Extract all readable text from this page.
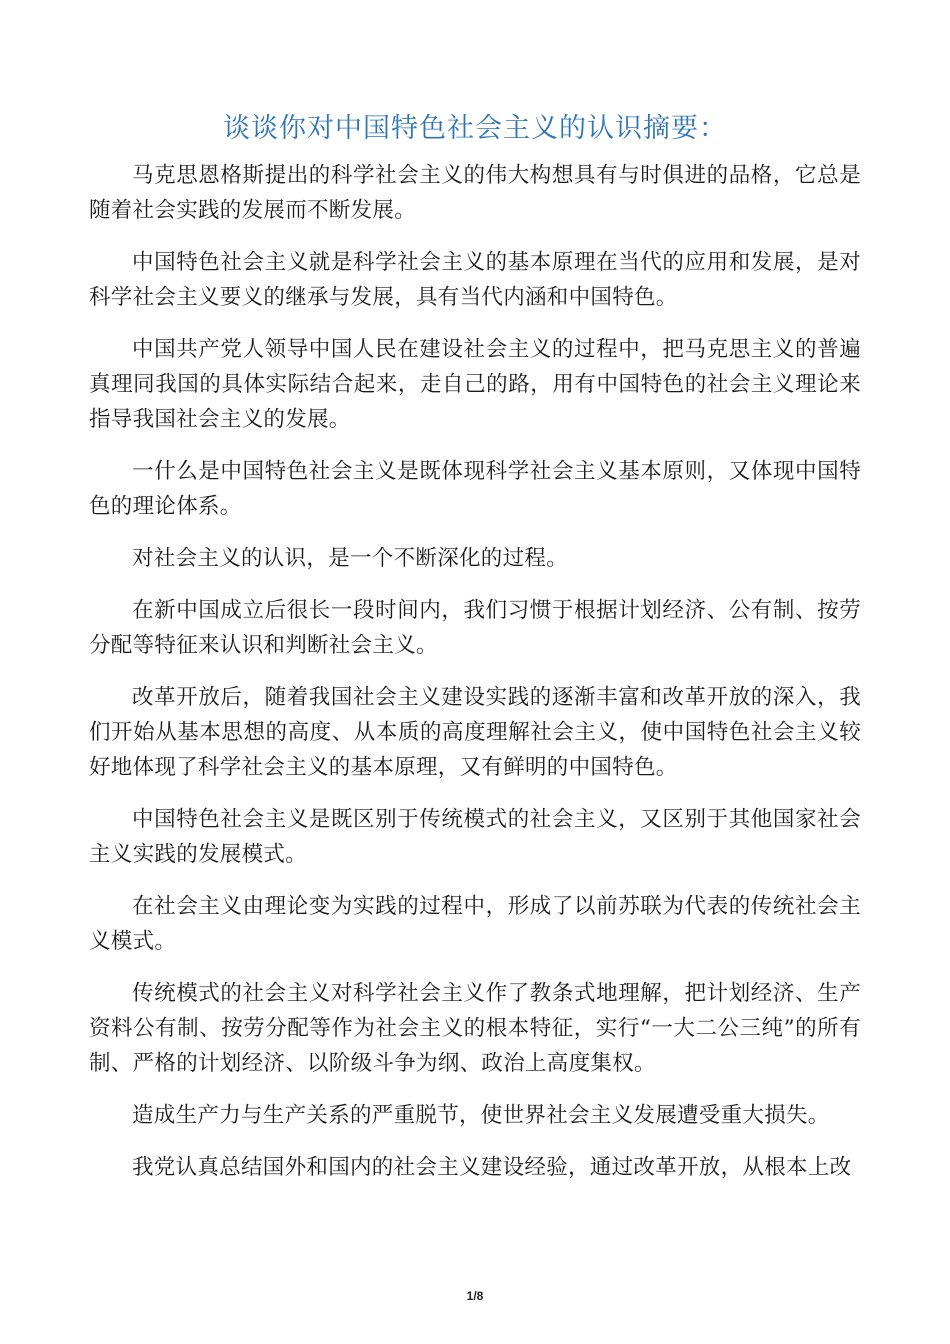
谈谈你对中国特色社会主义的认识摘要：

马克思恩格斯提出的科学社会主义的伟大构想具有与时俱进的品格，它总是随着社会实践的发展而不断发展。

中国特色社会主义就是科学社会主义的基本原理在当代的应用和发展，是对科学社会主义要义的继承与发展，具有当代内涵和中国特色。

中国共产党人领导中国人民在建设社会主义的过程中，把马克思主义的普遍真理同我国的具体实际结合起来，走自己的路，用有中国特色的社会主义理论来指导我国社会主义的发展。

一什么是中国特色社会主义是既体现科学社会主义基本原则，又体现中国特色的理论体系。

对社会主义的认识，是一个不断深化的过程。

在新中国成立后很长一段时间内，我们习惯于根据计划经济、公有制、按劳分配等特征来认识和判断社会主义。

改革开放后，随着我国社会主义建设实践的逐渐丰富和改革开放的深入，我们开始从基本思想的高度、从本质的高度理解社会主义，使中国特色社会主义较好地体现了科学社会主义的基本原理，又有鲜明的中国特色。

中国特色社会主义是既区别于传统模式的社会主义，又区别于其他国家社会主义实践的发展模式。

在社会主义由理论变为实践的过程中，形成了以前苏联为代表的传统社会主义模式。

传统模式的社会主义对科学社会主义作了教条式地理解，把计划经济、生产资料公有制、按劳分配等作为社会主义的根本特征，实行“一大二公三纯”的所有制、严格的计划经济、以阶级斗争为纲、政治上高度集权。

造成生产力与生产关系的严重脱节，使世界社会主义发展遭受重大损失。

我党认真总结国外和国内的社会主义建设经验，通过改革开放，从根本上改

1/8
